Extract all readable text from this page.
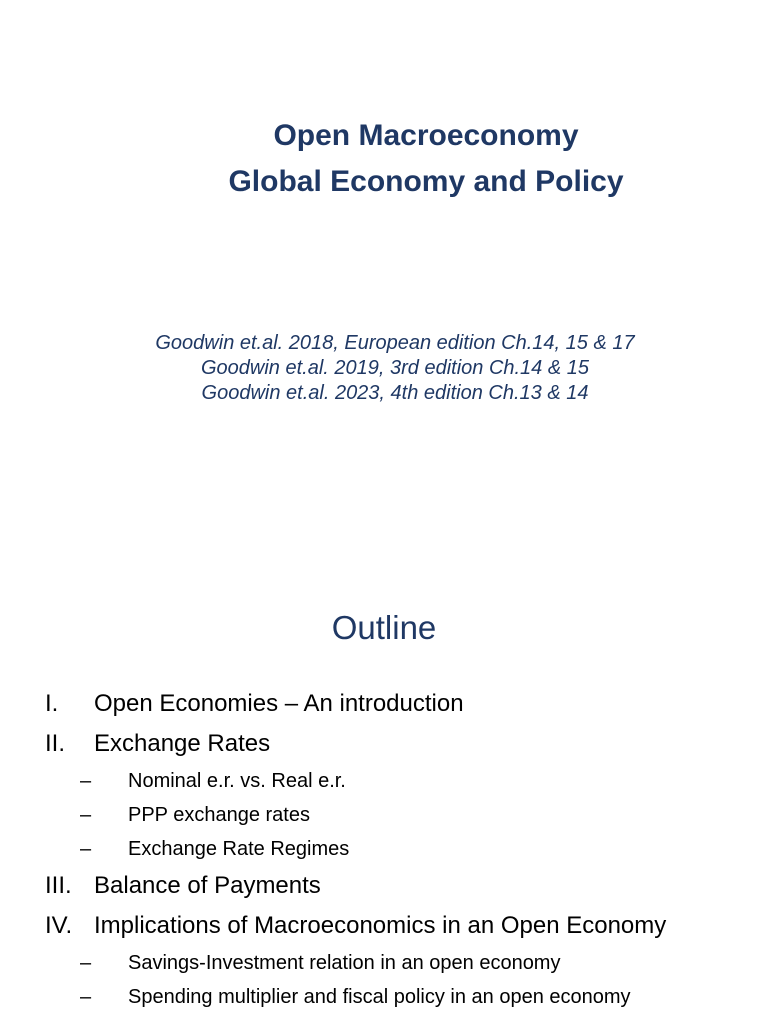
Open Macroeconomy
Global Economy and Policy
Goodwin et.al. 2018, European edition Ch.14, 15 & 17
Goodwin et.al. 2019, 3rd edition Ch.14 & 15
Goodwin et.al. 2023, 4th edition Ch.13 & 14
Outline
I. Open Economies – An introduction
II. Exchange Rates
– Nominal e.r. vs. Real e.r.
– PPP exchange rates
– Exchange Rate Regimes
III. Balance of Payments
IV. Implications of Macroeconomics in an Open Economy
– Savings-Investment relation in an open economy
– Spending multiplier and fiscal policy in an open economy
